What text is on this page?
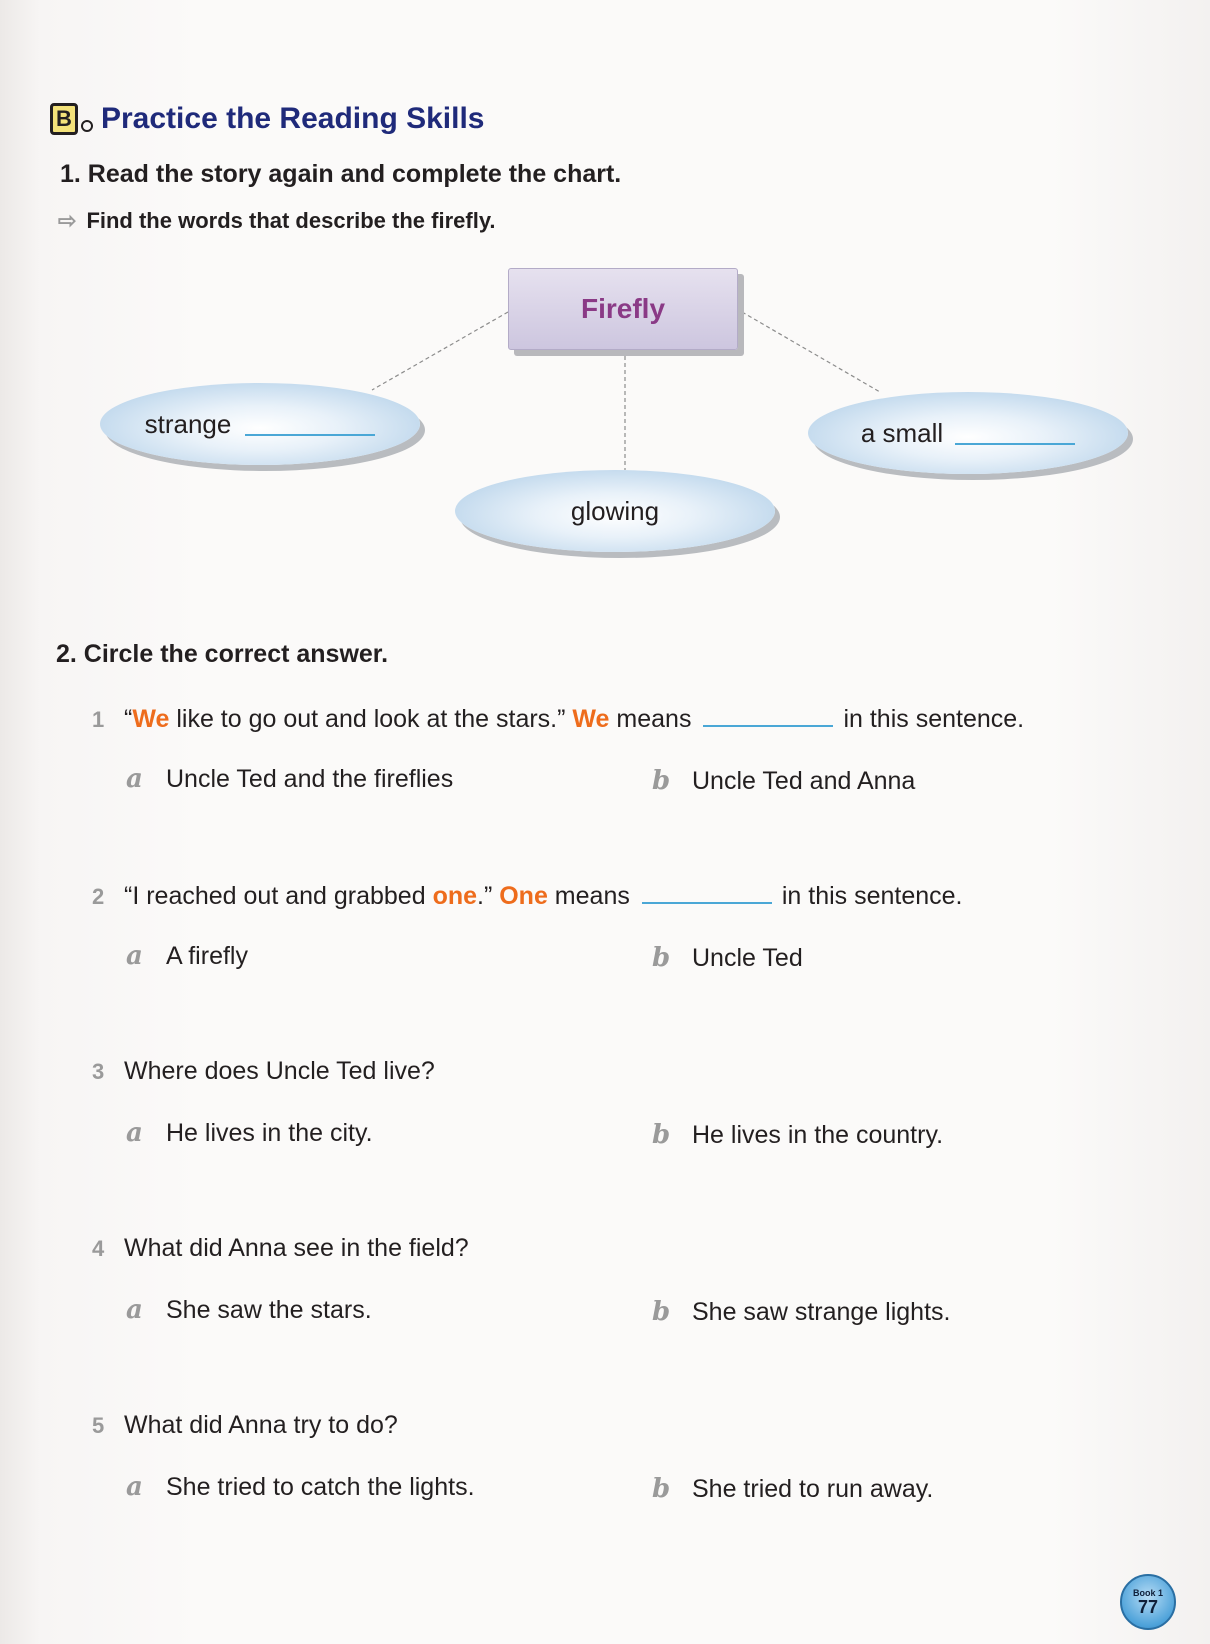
B Practice the Reading Skills
1. Read the story again and complete the chart.
⇨ Find the words that describe the firefly.
Firefly
strange	a small
glowing
2. Circle the correct answer.
1 “ We like to go out and look at the stars.” We means	in this sentence.
a Uncle Ted and the fireflies	b Uncle Ted and Anna
2 “I reached out and grabbed one .” One means	in this sentence.
a A firefly	b Uncle Ted
3 Where does Uncle Ted live?
a He lives in the city.	b He lives in the country.
4 What did Anna see in the field?
a She saw the stars.	b She saw strange lights.
5 What did Anna try to do?
a She tried to catch the lights.	b She tried to run away.
Book 1
77
